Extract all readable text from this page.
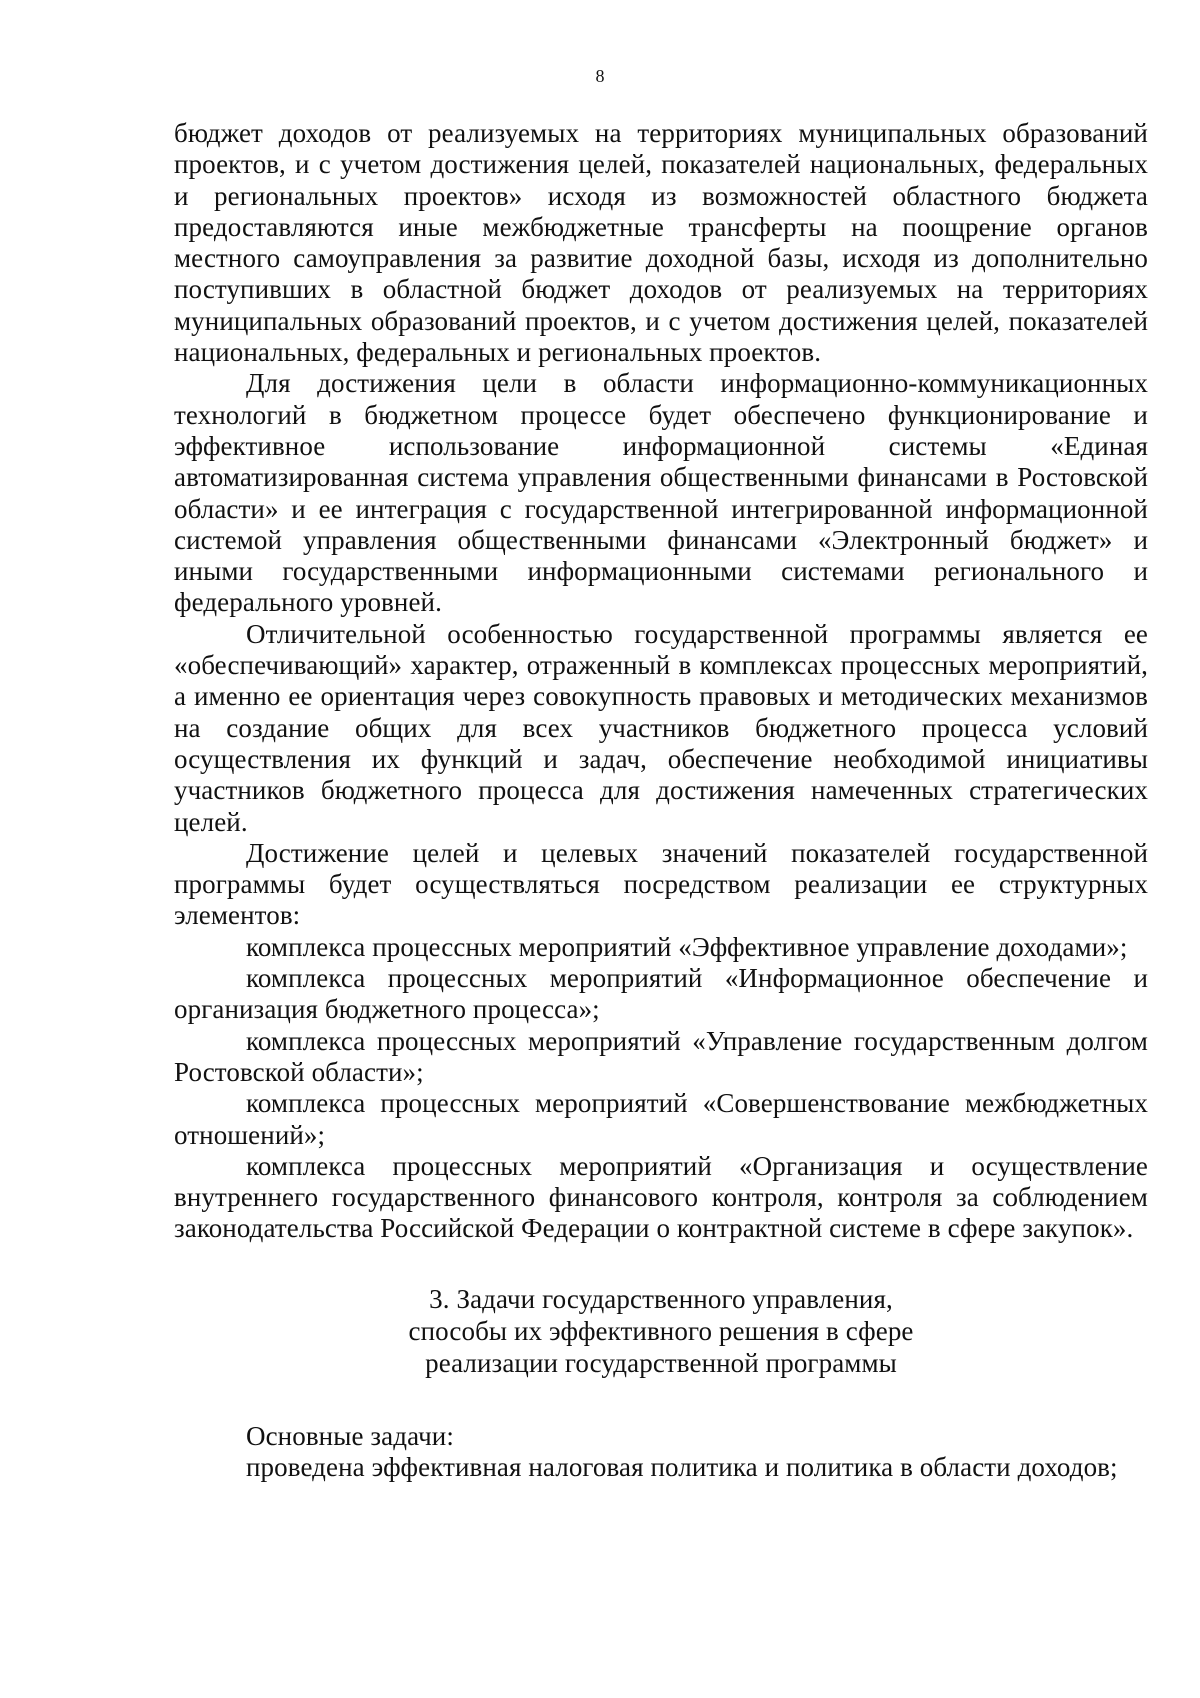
8

бюджет доходов от реализуемых на территориях муниципальных образований проектов, и с учетом достижения целей, показателей национальных, федеральных и региональных проектов» исходя из возможностей областного бюджета предоставляются иные межбюджетные трансферты на поощрение органов местного самоуправления за развитие доходной базы, исходя из дополнительно поступивших в областной бюджет доходов от реализуемых на территориях муниципальных образований проектов, и с учетом достижения целей, показателей национальных, федеральных и региональных проектов.

Для достижения цели в области информационно-коммуникационных технологий в бюджетном процессе будет обеспечено функционирование и эффективное использование информационной системы «Единая автоматизированная система управления общественными финансами в Ростовской области» и ее интеграция с государственной интегрированной информационной системой управления общественными финансами «Электронный бюджет» и иными государственными информационными системами регионального и федерального уровней.

Отличительной особенностью государственной программы является ее «обеспечивающий» характер, отраженный в комплексах процессных мероприятий, а именно ее ориентация через совокупность правовых и методических механизмов на создание общих для всех участников бюджетного процесса условий осуществления их функций и задач, обеспечение необходимой инициативы участников бюджетного процесса для достижения намеченных стратегических целей.

Достижение целей и целевых значений показателей государственной программы будет осуществляться посредством реализации ее структурных элементов:

комплекса процессных мероприятий «Эффективное управление доходами»;

комплекса процессных мероприятий «Информационное обеспечение и организация бюджетного процесса»;

комплекса процессных мероприятий «Управление государственным долгом Ростовской области»;

комплекса процессных мероприятий «Совершенствование межбюджетных отношений»;

комплекса процессных мероприятий «Организация и осуществление внутреннего государственного финансового контроля, контроля за соблюдением законодательства Российской Федерации о контрактной системе в сфере закупок».

3. Задачи государственного управления,
способы их эффективного решения в сфере
реализации государственной программы

Основные задачи:

проведена эффективная налоговая политика и политика в области доходов;
